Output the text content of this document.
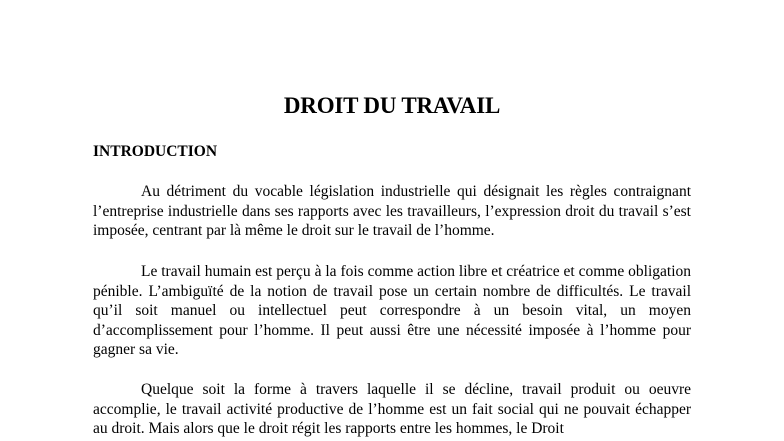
DROIT DU TRAVAIL
INTRODUCTION

Au détriment du vocable législation industrielle qui désignait les règles contraignant l’entreprise industrielle dans ses rapports avec les travailleurs, l’expression droit du travail s’est imposée, centrant par là même le droit sur le travail de l’homme.

Le travail humain est perçu à la fois comme action libre et créatrice et comme obligation pénible. L’ambiguïté de la notion de travail pose un certain nombre de difficultés. Le travail qu’il soit manuel ou intellectuel peut correspondre à un besoin vital, un moyen d’accomplissement pour l’homme. Il peut aussi être une nécessité imposée à l’homme pour gagner sa vie.

Quelque soit la forme à travers laquelle il se décline, travail produit ou oeuvre accomplie, le travail activité productive de l’homme est un fait social qui ne pouvait échapper au droit. Mais alors que le droit régit les rapports entre les hommes, le Droit
